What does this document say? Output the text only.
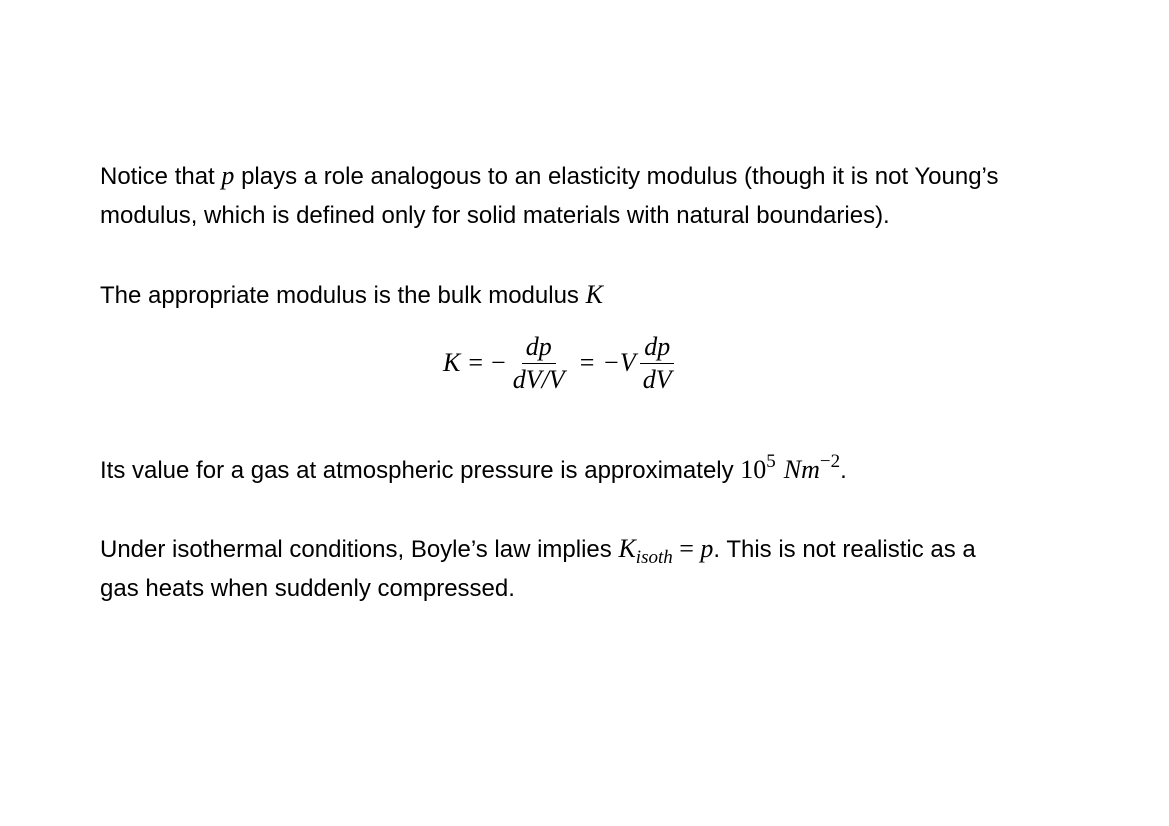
Notice that p plays a role analogous to an elasticity modulus (though it is not Young’s
modulus, which is defined only for solid materials with natural boundaries).
The appropriate modulus is the bulk modulus K
K = − $\frac{dp}{dV/V} = -V \frac{dp}{dV}$
Its value for a gas at atmospheric pressure is approximately $10^5$ $Nm^{-2}$.
Under isothermal conditions, Boyle’s law implies $K_{isoth} = p$. This is not realistic as a
gas heats when suddenly compressed.
